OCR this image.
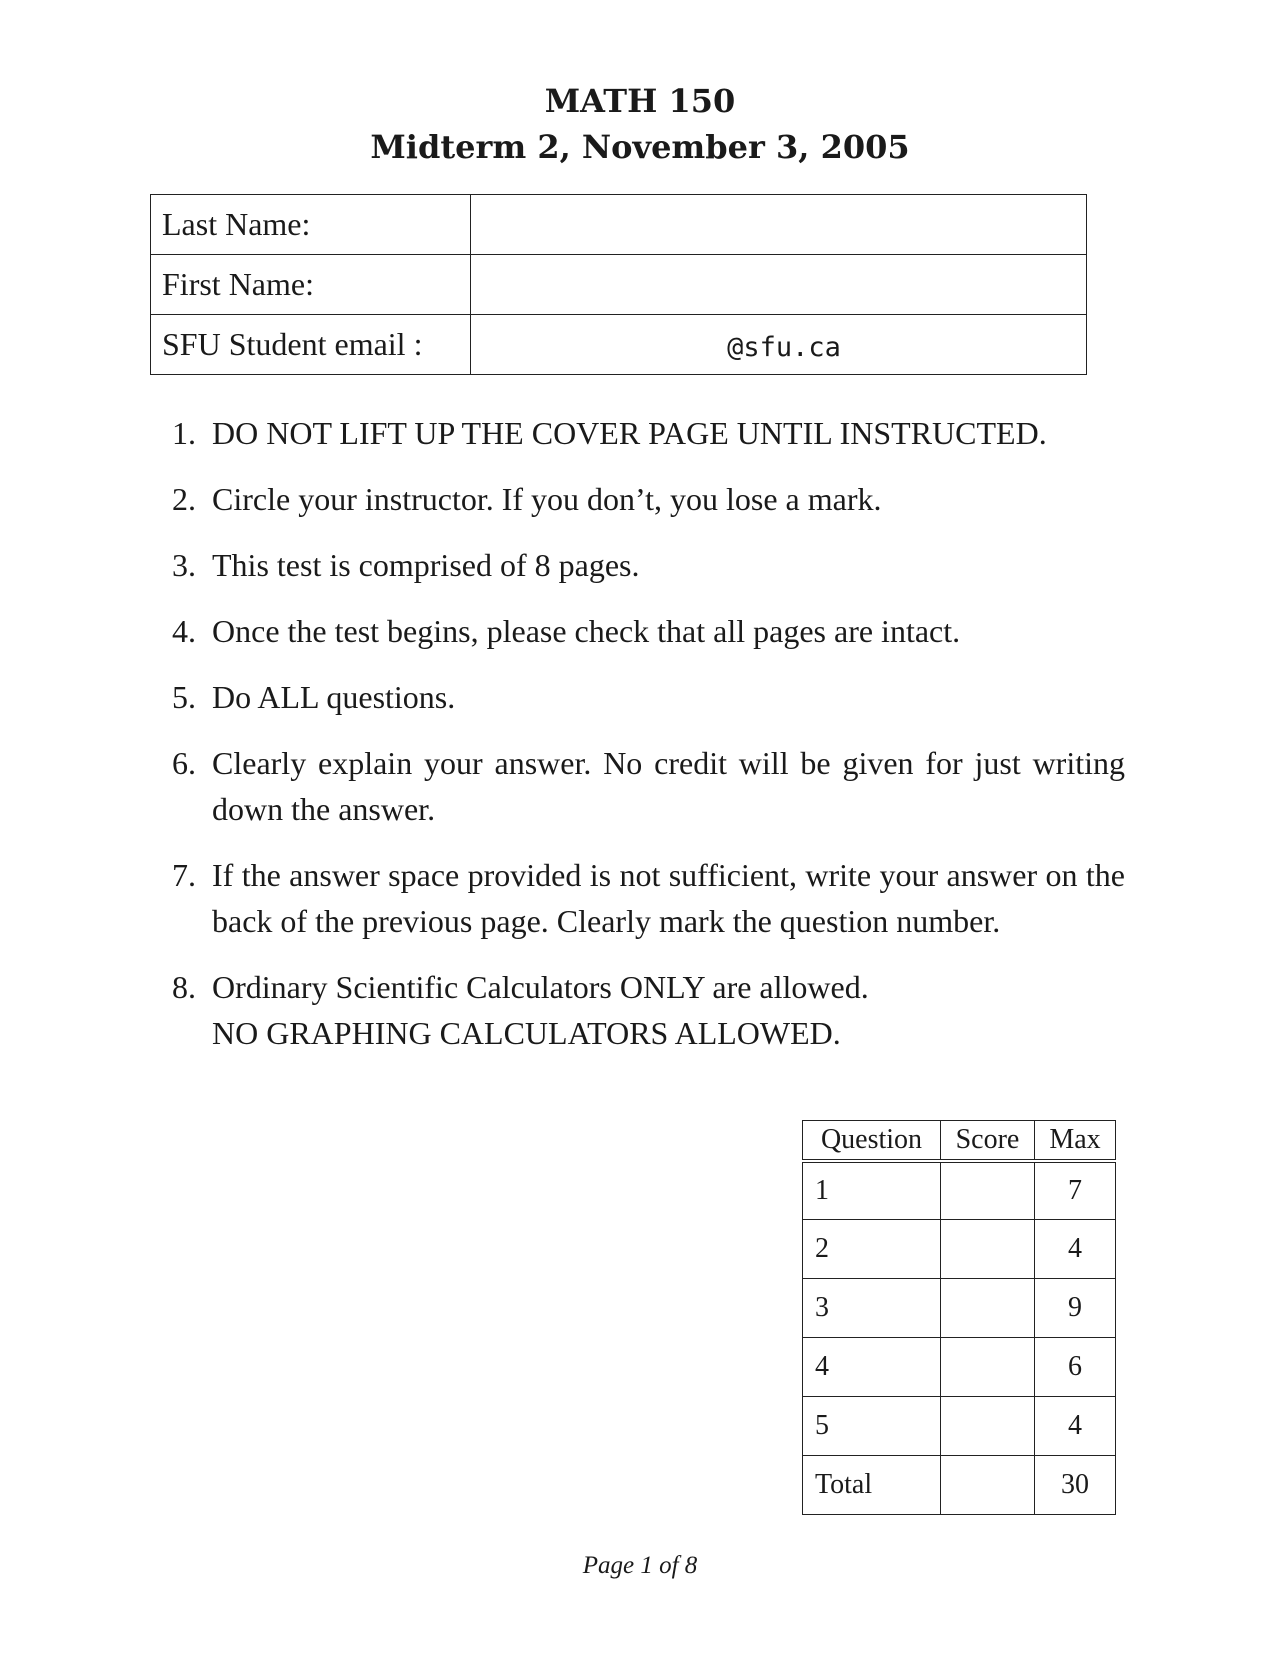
MATH 150
Midterm 2, November 3, 2005
Last Name:	
First Name:	
SFU Student email :	@sfu.ca
1. DO NOT LIFT UP THE COVER PAGE UNTIL INSTRUCTED.
2. Circle your instructor. If you don’t, you lose a mark.
3. This test is comprised of 8 pages.
4. Once the test begins, please check that all pages are intact.
5. Do ALL questions.
6. Clearly explain your answer. No credit will be given for just writing down the answer.
7. If the answer space provided is not sufficient, write your answer on the back of the previous page. Clearly mark the question number.
8. Ordinary Scientific Calculators ONLY are allowed.
NO GRAPHING CALCULATORS ALLOWED.
Question	Score	Max
1		7
2		4
3		9
4		6
5		4
Total		30
Page 1 of 8
